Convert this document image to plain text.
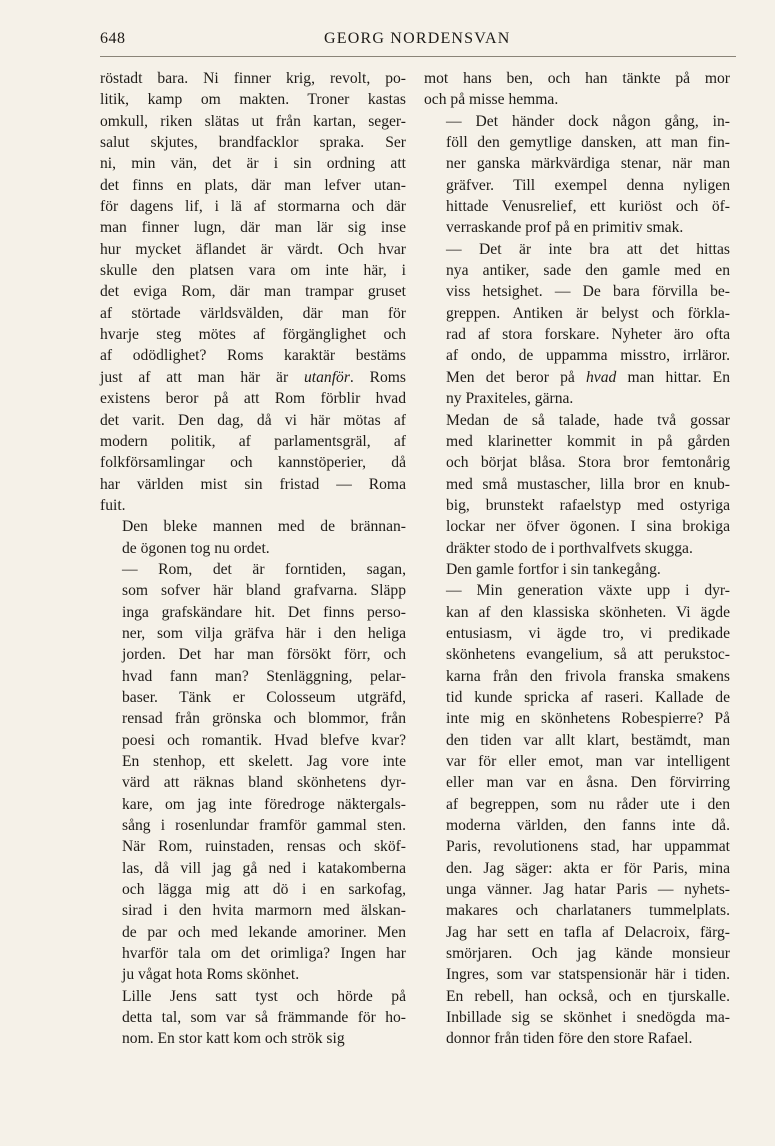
648	GEORG NORDENSVAN

röstadt bara. Ni finner krig, revolt, po-
litik, kamp om makten. Troner kastas
omkull, riken slätas ut från kartan, seger-
salut skjutes, brandfacklor spraka. Ser
ni, min vän, det är i sin ordning att
det finns en plats, där man lefver utan-
för dagens lif, i lä af stormarna och där
man finner lugn, där man lär sig inse
hur mycket äflandet är värdt. Och hvar
skulle den platsen vara om inte här, i
det eviga Rom, där man trampar gruset
af störtade världsvälden, där man för
hvarje steg mötes af förgänglighet och
af odödlighet? Roms karaktär bestäms
just af att man här är utanför. Roms
existens beror på att Rom förblir hvad
det varit. Den dag, då vi här mötas af
modern politik, af parlamentsgräl, af
folkförsamlingar och kannstöperier, då
har världen mist sin fristad — Roma
fuit.

Den bleke mannen med de brännan-
de ögonen tog nu ordet.

— Rom, det är forntiden, sagan,
som sofver här bland grafvarna. Släpp
inga grafskändare hit. Det finns perso-
ner, som vilja gräfva här i den heliga
jorden. Det har man försökt förr, och
hvad fann man? Stenläggning, pelar-
baser. Tänk er Colosseum utgräfd,
rensad från grönska och blommor, från
poesi och romantik. Hvad blefve kvar?
En stenhop, ett skelett. Jag vore inte
värd att räknas bland skönhetens dyr-
kare, om jag inte föredroge näktergals-
sång i rosenlundar framför gammal sten.
När Rom, ruinstaden, rensas och sköf-
las, då vill jag gå ned i katakomberna
och lägga mig att dö i en sarkofag,
sirad i den hvita marmorn med älskan-
de par och med lekande amoriner. Men
hvarför tala om det orimliga? Ingen har
ju vågat hota Roms skönhet.

Lille Jens satt tyst och hörde på
detta tal, som var så främmande för ho-
nom. En stor katt kom och strök sig

mot hans ben, och han tänkte på mor
och på misse hemma.

— Det händer dock någon gång, in-
föll den gemytlige dansken, att man fin-
ner ganska märkvärdiga stenar, när man
gräfver. Till exempel denna nyligen
hittade Venusrelief, ett kuriöst och öf-
verraskande prof på en primitiv smak.

— Det är inte bra att det hittas
nya antiker, sade den gamle med en
viss hetsighet. — De bara förvilla be-
greppen. Antiken är belyst och förkla-
rad af stora forskare. Nyheter äro ofta
af ondo, de uppamma misstro, irrläror.
Men det beror på hvad man hittar. En
ny Praxiteles, gärna.

Medan de så talade, hade två gossar
med klarinetter kommit in på gården
och börjat blåsa. Stora bror femtonårig
med små mustascher, lilla bror en knub-
big, brunstekt rafaelstyp med ostyriga
lockar ner öfver ögonen. I sina brokiga
dräkter stodo de i porthvalfvets skugga.

Den gamle fortfor i sin tankegång.

— Min generation växte upp i dyr-
kan af den klassiska skönheten. Vi ägde
entusiasm, vi ägde tro, vi predikade
skönhetens evangelium, så att perukstoc-
karna från den frivola franska smakens
tid kunde spricka af raseri. Kallade de
inte mig en skönhetens Robespierre? På
den tiden var allt klart, bestämdt, man
var för eller emot, man var intelligent
eller man var en åsna. Den förvirring
af begreppen, som nu råder ute i den
moderna världen, den fanns inte då.
Paris, revolutionens stad, har uppammat
den. Jag säger: akta er för Paris, mina
unga vänner. Jag hatar Paris — nyhets-
makares och charlataners tummelplats.
Jag har sett en tafla af Delacroix, färg-
smörjaren. Och jag kände monsieur
Ingres, som var statspensionär här i tiden.
En rebell, han också, och en tjurskalle.
Inbillade sig se skönhet i snedögda ma-
donnor från tiden före den store Rafael.
